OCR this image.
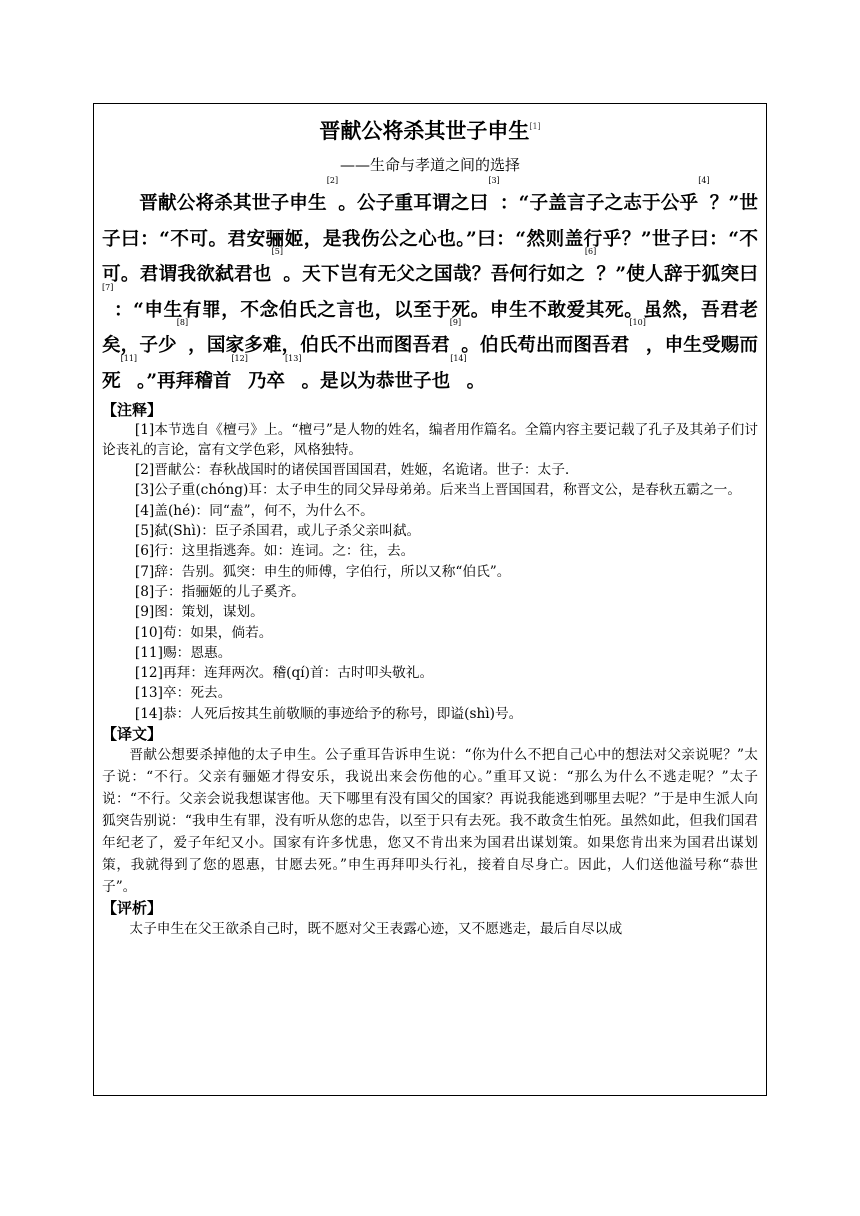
晋献公将杀其世子申生[1]
——生命与孝道之间的选择
晋献公将杀其世子申生[2]。公子重耳谓之曰[3]：“子盖言子之志于公乎[4]？”世子曰：“不可。君安骊姬，是我伤公之心也。”曰：“然则盖行乎？”世子曰：“不可。君谓我欲弑君也[5]。天下岂有无父之国哉？吾何行如之[6]？”使人辞于狐突曰[7]：“申生有罪，不念伯氏之言也，以至于死。申生不敢爱其死。虽然，吾君老矣，子少[8]，国家多难，伯氏不出而图吾君[9]。伯氏苟出而图吾君[10]，申生受赐而死[11]。”再拜稽首[12]乃卒[13]。是以为恭世子也[14]。
【注释】
[1]本节选自《檀弓》上。“檀弓”是人物的姓名，编者用作篇名。全篇内容主要记载了孔子及其弟子们讨论丧礼的言论，富有文学色彩，风格独特。
[2]晋献公：春秋战国时的诸侯国晋国国君，姓姬，名诡诸。世子：太子.
[3]公子重(chóng)耳：太子申生的同父异母弟弟。后来当上晋国国君，称晋文公，是春秋五霸之一。
[4]盖(hé)：同“盍”，何不，为什么不。
[5]弑(Shì)：臣子杀国君，或儿子杀父亲叫弑。
[6]行：这里指逃奔。如：连词。之：往，去。
[7]辞：告别。狐突：申生的师傅，字伯行，所以又称“伯氏”。
[8]子：指骊姬的儿子奚齐。
[9]图：策划，谋划。
[10]苟：如果，倘若。
[11]赐：恩惠。
[12]再拜：连拜两次。稽(qí)首：古时叩头敬礼。
[13]卒：死去。
[14]恭：人死后按其生前敬顺的事迹给予的称号，即谥(shì)号。
【译文】
晋献公想要杀掉他的太子申生。公子重耳告诉申生说：“你为什么不把自己心中的想法对父亲说呢？”太子说：“不行。父亲有骊姬才得安乐，我说出来会伤他的心。”重耳又说：“那么为什么不逃走呢？”太子说：“不行。父亲会说我想谋害他。天下哪里有没有国父的国家？再说我能逃到哪里去呢？”于是申生派人向狐突告别说：“我申生有罪，没有听从您的忠告，以至于只有去死。我不敢贪生怕死。虽然如此，但我们国君年纪老了，爱子年纪又小。国家有许多忧患，您又不肯出来为国君出谋划策。如果您肯出来为国君出谋划策，我就得到了您的恩惠，甘愿去死。”申生再拜叩头行礼，接着自尽身亡。因此，人们送他溢号称“恭世子”。
【评析】
太子申生在父王欲杀自己时，既不愿对父王表露心迹，又不愿逃走，最后自尽以成
